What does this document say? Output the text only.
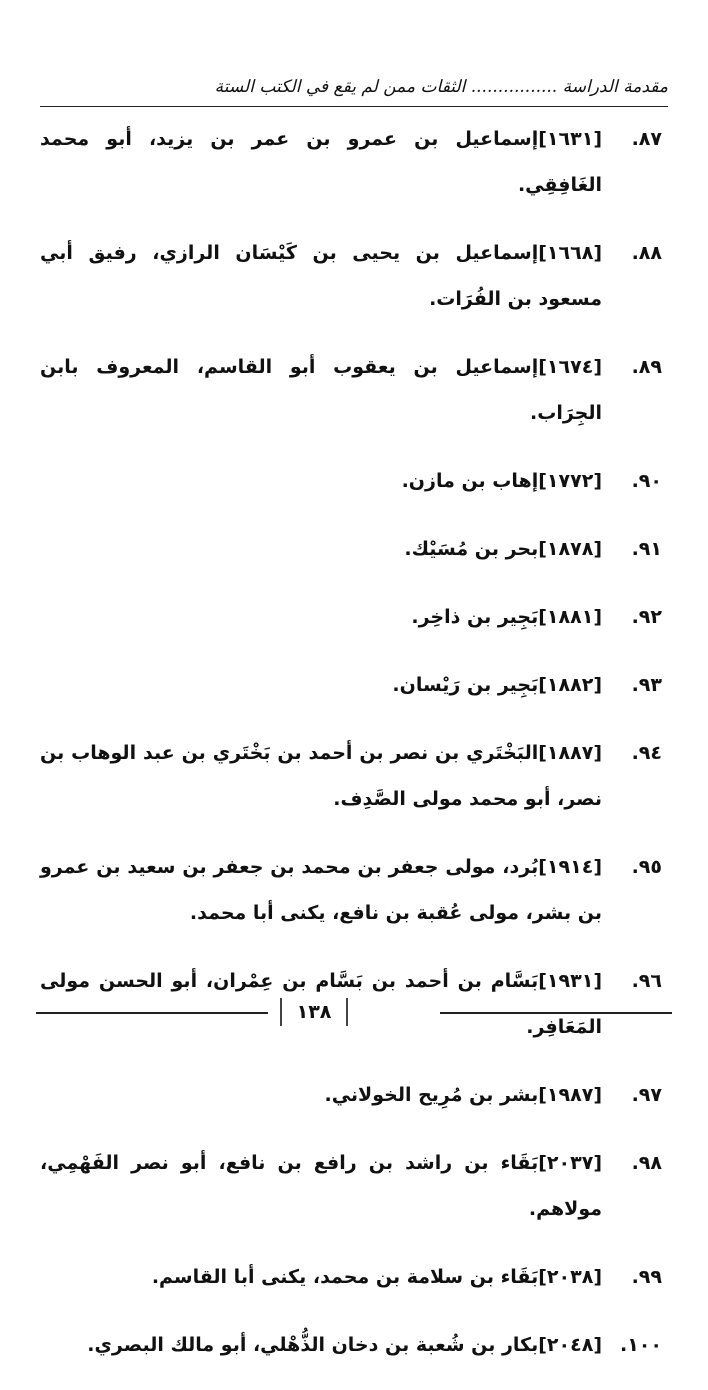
مقدمة الدراسة ................ الثقات ممن لم يقع في الكتب الستة
.٨٧
[١٦٣١]إسماعيل بن عمرو بن عمر بن يزيد، أبو محمد الغَافِقِي.
.٨٨
[١٦٦٨]إسماعيل بن يحيى بن كَيْسَان الرازي، رفيق أبي مسعود بن الفُرَات.
.٨٩
[١٦٧٤]إسماعيل بن يعقوب أبو القاسم، المعروف بابن الجِرَاب.
.٩٠
[١٧٧٢]إهاب بن مازن.
.٩١
[١٨٧٨]بحر بن مُسَيْك.
.٩٢
[١٨٨١]بَجِير بن ذاخِر.
.٩٣
[١٨٨٢]بَجِير بن رَيْسان.
.٩٤
[١٨٨٧]البَخْتَري بن نصر بن أحمد بن بَخْتَري بن عبد الوهاب بن نصر، أبو محمد مولى الصَّدِف.
.٩٥
[١٩١٤]بُرد، مولى جعفر بن محمد بن جعفر بن سعيد بن عمرو بن بشر، مولى عُقبة بن نافع، يكنى أبا محمد.
.٩٦
[١٩٣١]بَسَّام بن أحمد بن بَسَّام بن عِمْران، أبو الحسن مولى المَعَافِر.
.٩٧
[١٩٨٧]بشر بن مُرِيح الخولاني.
.٩٨
[٢٠٣٧]بَقَاء بن راشد بن رافع بن نافع، أبو نصر الفَهْمِي، مولاهم.
.٩٩
[٢٠٣٨]بَقَاء بن سلامة بن محمد، يكنى أبا القاسم.
.١٠٠
[٢٠٤٨]بكار بن شُعبة بن دخان الذُّهْلي، أبو مالك البصري.
١٣٨
